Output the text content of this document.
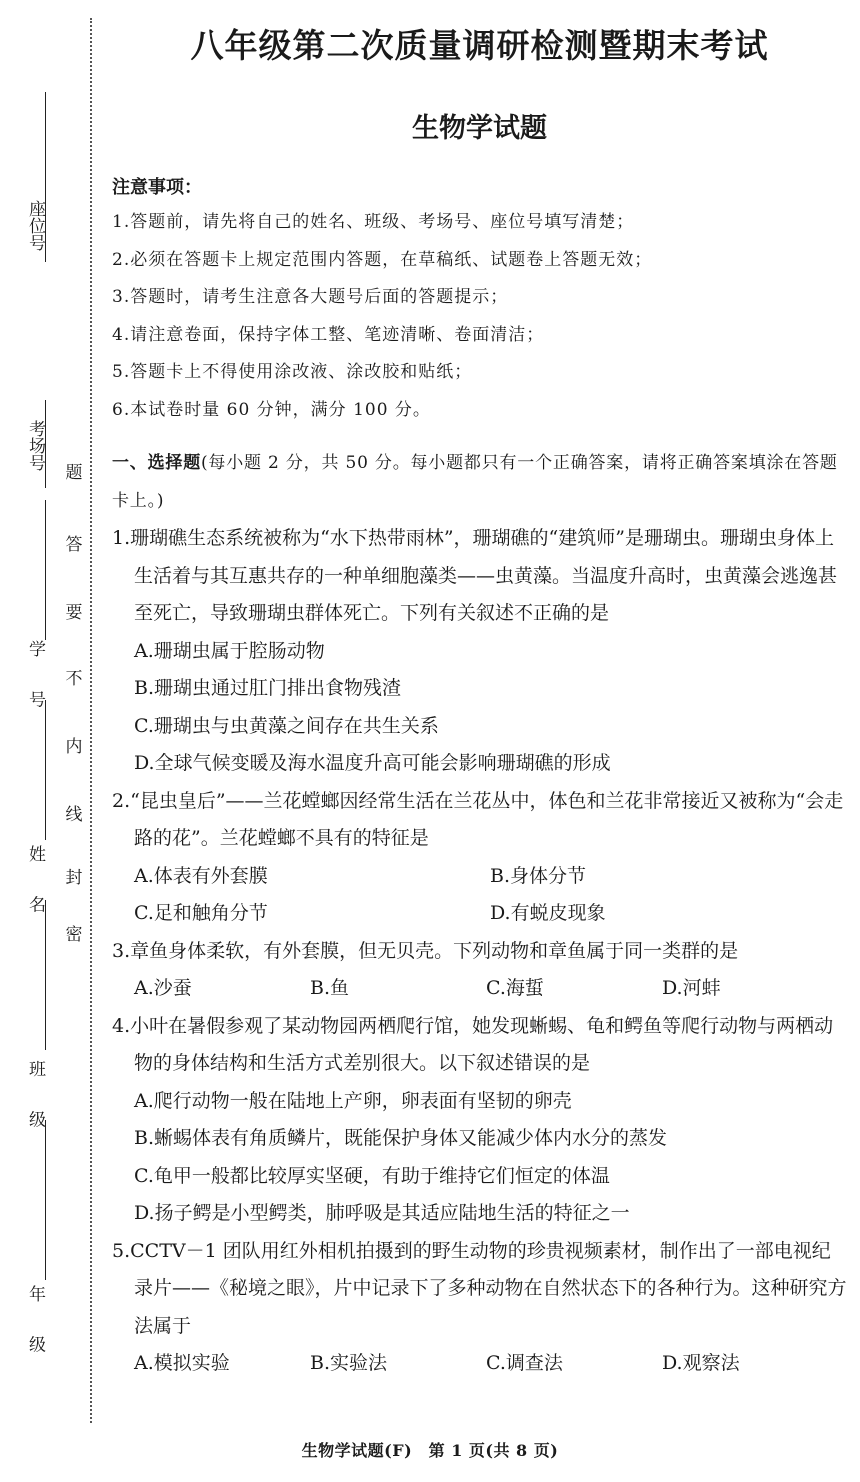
座位号
考场号
学 号
姓 名
班 级
年 级
题
答
要
不
内
线
封
密
八年级第二次质量调研检测暨期末考试
生物学试题
注意事项：
1.答题前，请先将自己的姓名、班级、考场号、座位号填写清楚；
2.必须在答题卡上规定范围内答题，在草稿纸、试题卷上答题无效；
3.答题时，请考生注意各大题号后面的答题提示；
4.请注意卷面，保持字体工整、笔迹清晰、卷面清洁；
5.答题卡上不得使用涂改液、涂改胶和贴纸；
6.本试卷时量 60 分钟，满分 100 分。
一、选择题(每小题 2 分，共 50 分。每小题都只有一个正确答案，请将正确答案填涂在答题卡上。)
1.珊瑚礁生态系统被称为“水下热带雨林”，珊瑚礁的“建筑师”是珊瑚虫。珊瑚虫身体上生活着与其互惠共存的一种单细胞藻类——虫黄藻。当温度升高时，虫黄藻会逃逸甚至死亡，导致珊瑚虫群体死亡。下列有关叙述不正确的是
A.珊瑚虫属于腔肠动物
B.珊瑚虫通过肛门排出食物残渣
C.珊瑚虫与虫黄藻之间存在共生关系
D.全球气候变暖及海水温度升高可能会影响珊瑚礁的形成
2.“昆虫皇后”——兰花螳螂因经常生活在兰花丛中，体色和兰花非常接近又被称为“会走路的花”。兰花螳螂不具有的特征是
A.体表有外套膜	B.身体分节
C.足和触角分节	D.有蜕皮现象
3.章鱼身体柔软，有外套膜，但无贝壳。下列动物和章鱼属于同一类群的是
A.沙蚕	B.鱼	C.海蜇	D.河蚌
4.小叶在暑假参观了某动物园两栖爬行馆，她发现蜥蜴、龟和鳄鱼等爬行动物与两栖动物的身体结构和生活方式差别很大。以下叙述错误的是
A.爬行动物一般在陆地上产卵，卵表面有坚韧的卵壳
B.蜥蜴体表有角质鳞片，既能保护身体又能减少体内水分的蒸发
C.龟甲一般都比较厚实坚硬，有助于维持它们恒定的体温
D.扬子鳄是小型鳄类，肺呼吸是其适应陆地生活的特征之一
5.CCTV－1 团队用红外相机拍摄到的野生动物的珍贵视频素材，制作出了一部电视纪录片——《秘境之眼》，片中记录下了多种动物在自然状态下的各种行为。这种研究方法属于
A.模拟实验	B.实验法	C.调查法	D.观察法
生物学试题(F)　第 1 页(共 8 页)
